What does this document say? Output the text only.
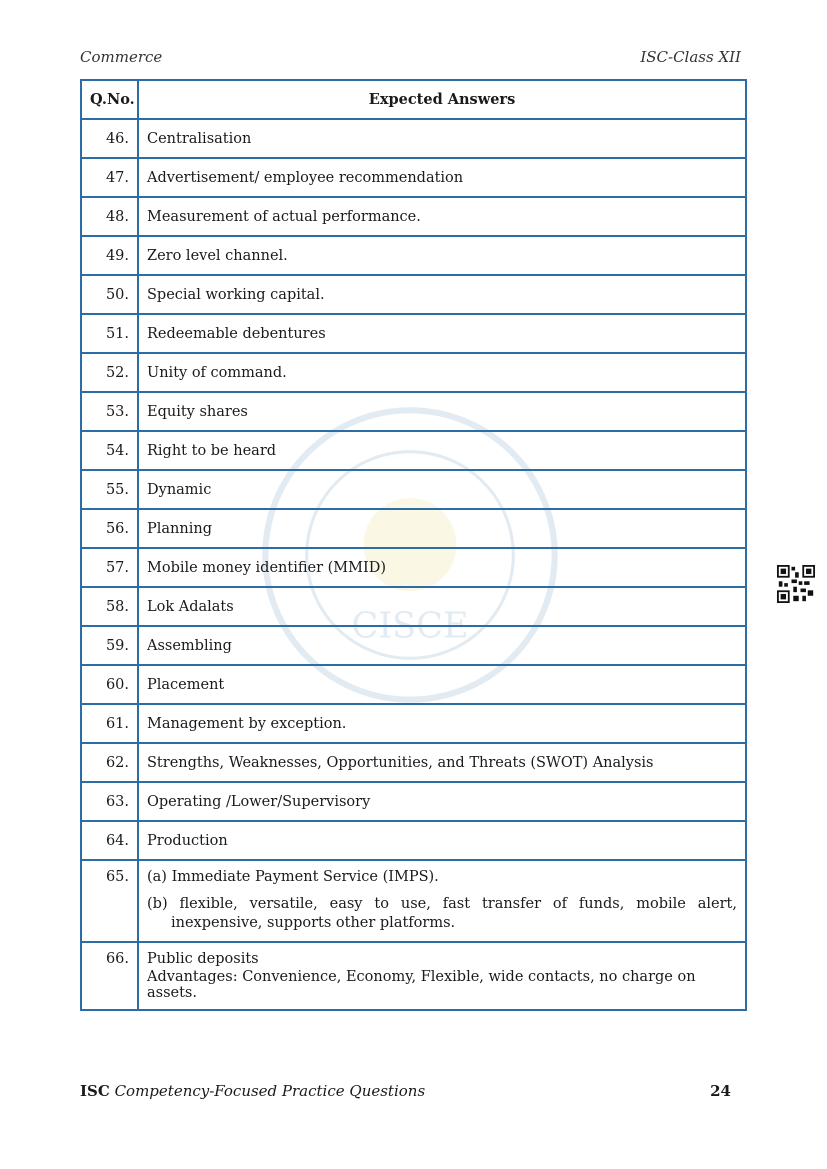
Commerce	ISC-Class XII
CISCE
Q.No.	Expected Answers
46.	Centralisation
47.	Advertisement/ employee recommendation
48.	Measurement of actual performance.
49.	Zero level channel.
50.	Special working capital.
51.	Redeemable debentures
52.	Unity of command.
53.	Equity shares
54.	Right to be heard
55.	Dynamic
56.	Planning
57.	Mobile money identifier (MMID)
58.	Lok Adalats
59.	Assembling
60.	Placement
61.	Management by exception.
62.	Strengths, Weaknesses, Opportunities, and Threats (SWOT) Analysis
63.	Operating /Lower/Supervisory
64.	Production
65.	(a) Immediate Payment Service (IMPS).
(b) flexible, versatile, easy to use, fast transfer of funds, mobile alert, inexpensive, supports other platforms.

66.	Public deposits
Advantages: Convenience, Economy, Flexible, wide contacts, no charge on assets.
ISC Competency-Focused Practice Questions	24
